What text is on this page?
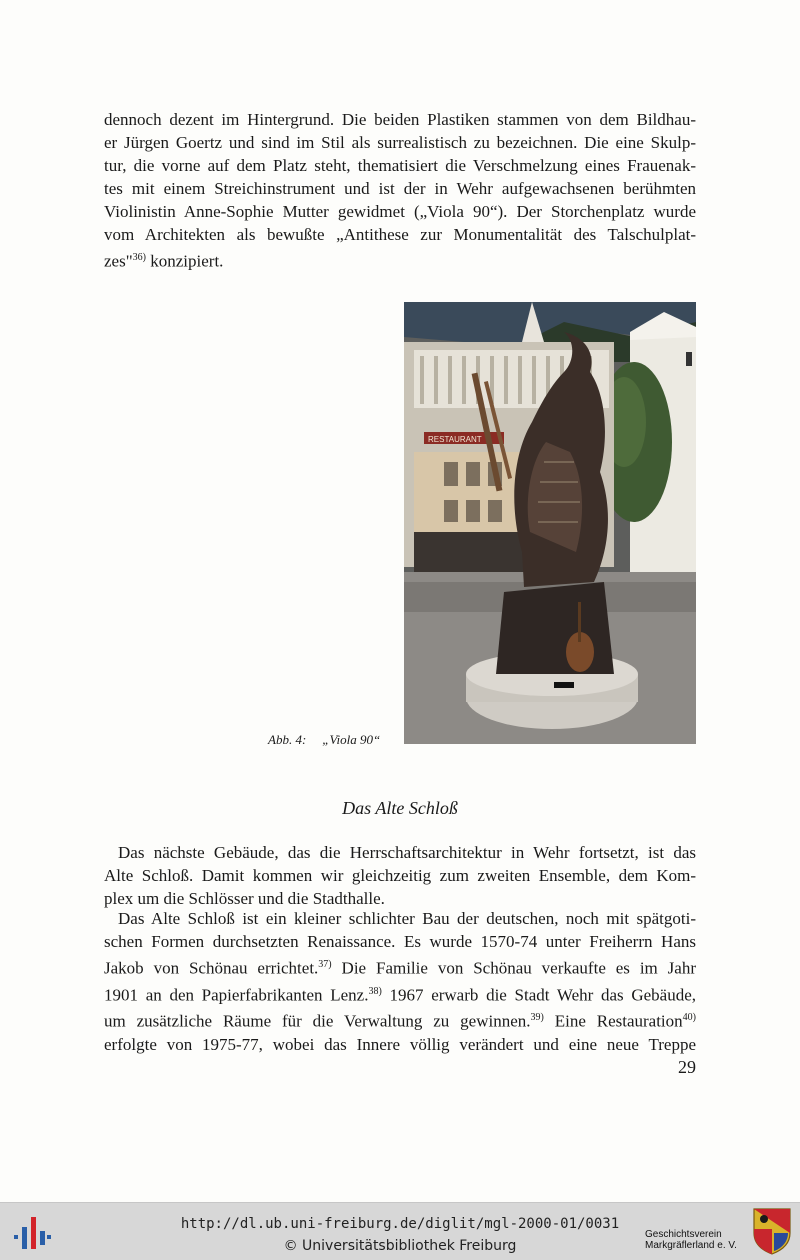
dennoch dezent im Hintergrund. Die beiden Plastiken stammen von dem Bildhau-
er Jürgen Goertz und sind im Stil als surrealistisch zu bezeichnen. Die eine Skulp-
tur, die vorne auf dem Platz steht, thematisiert die Verschmelzung eines Frauenak-
tes mit einem Streichinstrument und ist der in Wehr aufgewachsenen berühmten
Violinistin Anne-Sophie Mutter gewidmet („Viola 90“). Der Storchenplatz wurde
vom Architekten als bewußte „Antithese zur Monumentalität des Talschulplat-
zes"$^{36)}$ konzipiert.
RESTAURANT
Abb. 4: „Viola 90“
Das Alte Schloß
Das nächste Gebäude, das die Herrschaftsarchitektur in Wehr fortsetzt, ist das
Alte Schloß. Damit kommen wir gleichzeitig zum zweiten Ensemble, dem Kom-
plex um die Schlösser und die Stadthalle.
Das Alte Schloß ist ein kleiner schlichter Bau der deutschen, noch mit spätgoti-
schen Formen durchsetzten Renaissance. Es wurde 1570-74 unter Freiherrn Hans
Jakob von Schönau errichtet.$^{37)}$ Die Familie von Schönau verkaufte es im Jahr
1901 an den Papierfabrikanten Lenz.$^{38)}$ 1967 erwarb die Stadt Wehr das Gebäude,
um zusätzliche Räume für die Verwaltung zu gewinnen.$^{39)}$ Eine Restauration$^{40)}$
erfolgte von 1975-77, wobei das Innere völlig verändert und eine neue Treppe
29
http://dl.ub.uni-freiburg.de/diglit/mgl-2000-01/0031
© Universitätsbibliothek Freiburg
Geschichtsverein
Markgräflerland e. V.
